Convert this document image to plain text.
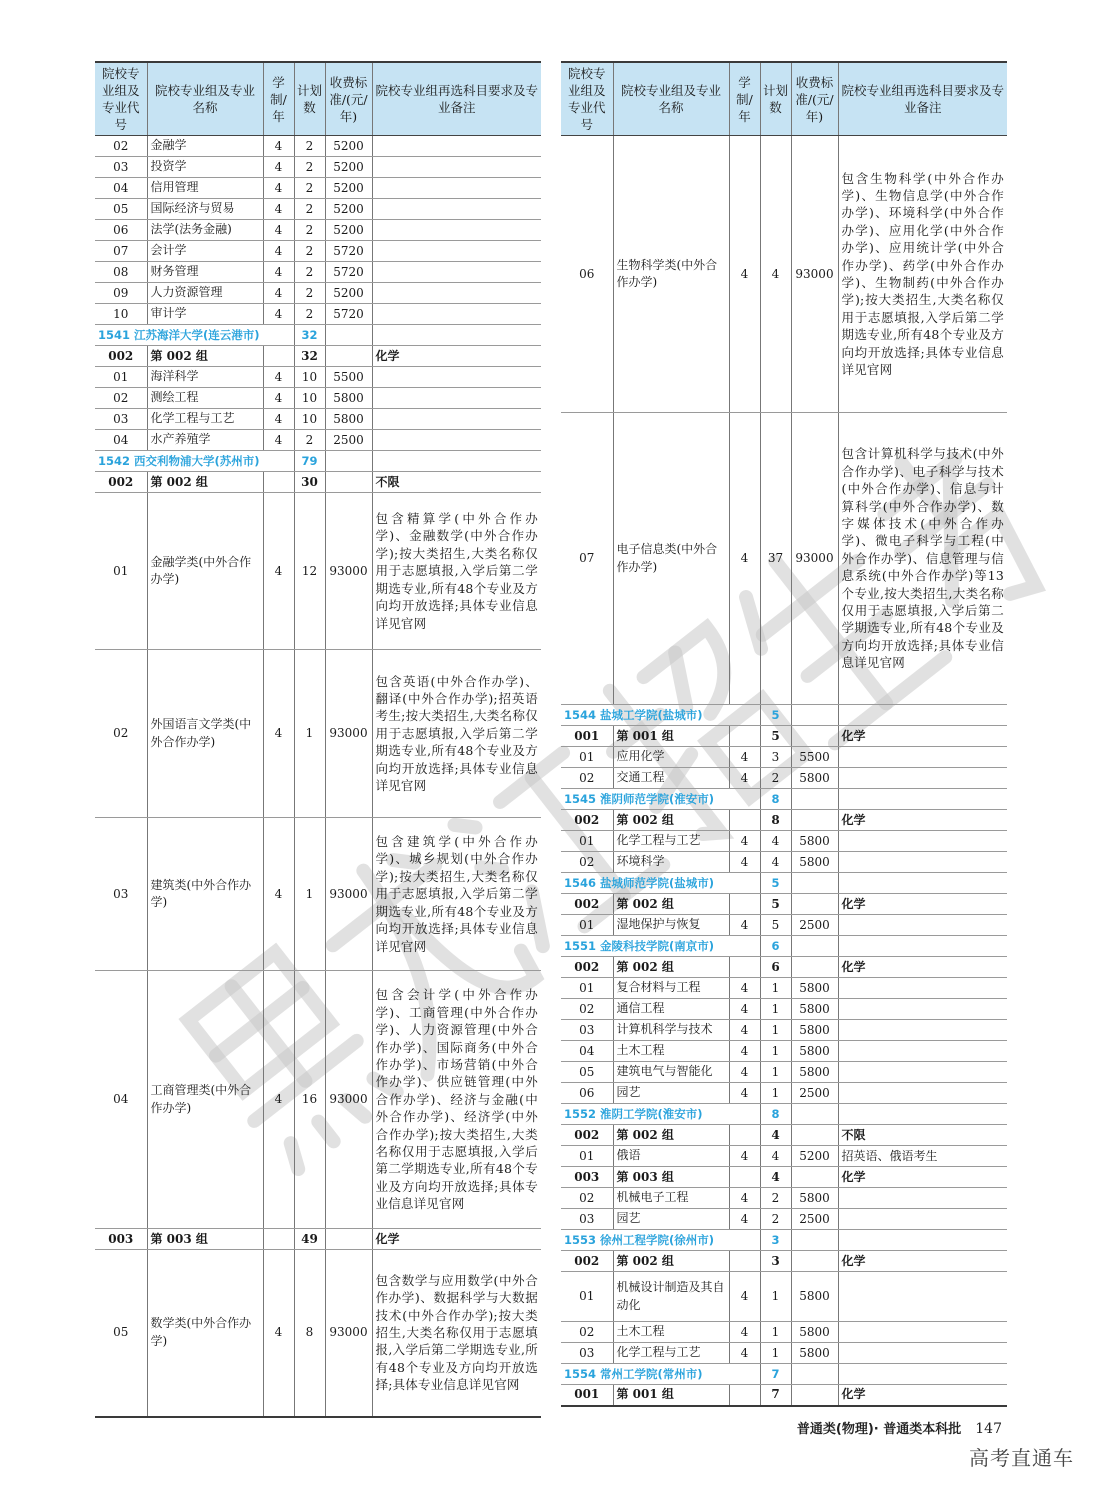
院校专业组及专业代号	院校专业组及专业名称	学制/年	计划数	收费标准/(元/年)	院校专业组再选科目要求及专业备注
02	金融学	4	2	5200	
03	投资学	4	2	5200	
04	信用管理	4	2	5200	
05	国际经济与贸易	4	2	5200	
06	法学(法务金融)	4	2	5200	
07	会计学	4	2	5720	
08	财务管理	4	2	5720	
09	人力资源管理	4	2	5200	
10	审计学	4	2	5720	
1541 江苏海洋大学(连云港市)			32		
002	第 002 组		32		化学
01	海洋科学	4	10	5500	
02	测绘工程	4	10	5800	
03	化学工程与工艺	4	10	5800	
04	水产养殖学	4	2	2500	
1542 西交利物浦大学(苏州市)			79		
002	第 002 组		30		不限
01	金融学类(中外合作办学)	4	12	93000	包含精算学(中外合作办学)、金融数学(中外合作办学);按大类招生,大类名称仅用于志愿填报,入学后第二学期选专业,所有48个专业及方向均开放选择;具体专业信息详见官网
02	外国语言文学类(中外合作办学)	4	1	93000	包含英语(中外合作办学)、翻译(中外合作办学);招英语考生;按大类招生,大类名称仅用于志愿填报,入学后第二学期选专业,所有48个专业及方向均开放选择;具体专业信息详见官网
03	建筑类(中外合作办学)	4	1	93000	包含建筑学(中外合作办学)、城乡规划(中外合作办学);按大类招生,大类名称仅用于志愿填报,入学后第二学期选专业,所有48个专业及方向均开放选择;具体专业信息详见官网
04	工商管理类(中外合作办学)	4	16	93000	包含会计学(中外合作办学)、工商管理(中外合作办学)、人力资源管理(中外合作办学)、国际商务(中外合作办学)、市场营销(中外合作办学)、供应链管理(中外合作办学)、经济与金融(中外合作办学)、经济学(中外合作办学);按大类招生,大类名称仅用于志愿填报,入学后第二学期选专业,所有48个专业及方向均开放选择;具体专业信息详见官网
003	第 003 组		49		化学
05	数学类(中外合作办学)	4	8	93000	包含数学与应用数学(中外合作办学)、数据科学与大数据技术(中外合作办学);按大类招生,大类名称仅用于志愿填报,入学后第二学期选专业,所有48个专业及方向均开放选择;具体专业信息详见官网
院校专业组及专业代号	院校专业组及专业名称	学制/年	计划数	收费标准/(元/年)	院校专业组再选科目要求及专业备注
06	生物科学类(中外合作办学)	4	4	93000	包含生物科学(中外合作办学)、生物信息学(中外合作办学)、环境科学(中外合作办学)、应用化学(中外合作办学)、应用统计学(中外合作办学)、药学(中外合作办学)、生物制药(中外合作办学);按大类招生,大类名称仅用于志愿填报,入学后第二学期选专业,所有48个专业及方向均开放选择;具体专业信息详见官网
07	电子信息类(中外合作办学)	4	37	93000	包含计算机科学与技术(中外合作办学)、电子科学与技术(中外合作办学)、信息与计算科学(中外合作办学)、数字媒体技术(中外合作办学)、微电子科学与工程(中外合作办学)、信息管理与信息系统(中外合作办学)等13个专业,按大类招生,大类名称仅用于志愿填报,入学后第二学期选专业,所有48个专业及方向均开放选择;具体专业信息详见官网
1544 盐城工学院(盐城市)			5		
001	第 001 组		5		化学
01	应用化学	4	3	5500	
02	交通工程	4	2	5800	
1545 淮阴师范学院(淮安市)			8		
002	第 002 组		8		化学
01	化学工程与工艺	4	4	5800	
02	环境科学	4	4	5800	
1546 盐城师范学院(盐城市)			5		
002	第 002 组		5		化学
01	湿地保护与恢复	4	5	2500	
1551 金陵科技学院(南京市)			6		
002	第 002 组		6		化学
01	复合材料与工程	4	1	5800	
02	通信工程	4	1	5800	
03	计算机科学与技术	4	1	5800	
04	土木工程	4	1	5800	
05	建筑电气与智能化	4	1	5800	
06	园艺	4	1	2500	
1552 淮阴工学院(淮安市)			8		
002	第 002 组		4		不限
01	俄语	4	4	5200	招英语、俄语考生
003	第 003 组		4		化学
02	机械电子工程	4	2	5800	
03	园艺	4	2	2500	
1553 徐州工程学院(徐州市)			3		
002	第 002 组		3		化学
01	机械设计制造及其自动化	4	1	5800	
02	土木工程	4	1	5800	
03	化学工程与工艺	4	1	5800	
1554 常州工学院(常州市)			7		
001	第 001 组		7		化学
普通类(物理)· 普通类本科批 147
高考直通车
